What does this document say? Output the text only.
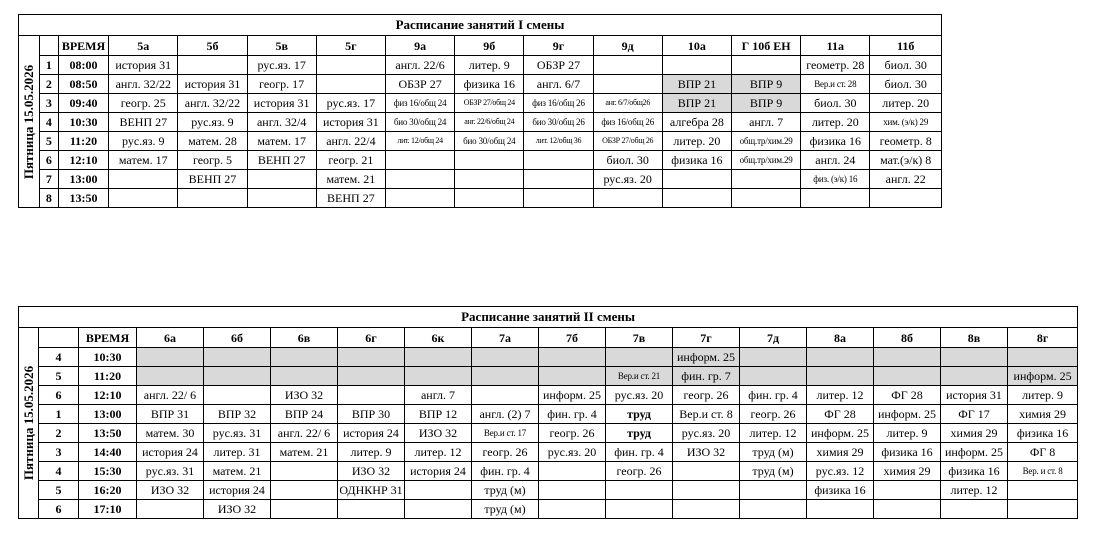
Расписание занятий I смены														

Пятница 15.05.2026		ВРЕМЯ	5а	5б	5в	5г	9а	9б	9г	9д	10а	Г 10б ЕН	11а	11б
	1	08:00	история 31		рус.яз. 17		англ. 22/6	литер. 9	ОБЗР 27				геометр. 28	биол. 30
	2	08:50	англ. 32/22	история 31	геогр. 17		ОБЗР 27	физика 16	англ. 6/7		ВПР 21	ВПР 9	Вер.и ст. 28	биол. 30
	3	09:40	геогр. 25	англ. 32/22	история 31	рус.яз. 17	физ 16/общ 24	ОБЗР 27/общ 24	физ 16/общ 26	анг. 6/7/общ26	ВПР 21	ВПР 9	биол. 30	литер. 20
	4	10:30	ВЕНП 27	рус.яз. 9	англ. 32/4	история 31	био 30/общ 24	анг. 22/6/общ 24	био 30/общ 26	физ 16/общ 26	алгебра 28	англ. 7	литер. 20	хим. (э/к) 29
	5	11:20	рус.яз. 9	матем. 28	матем. 17	англ. 22/4	лит. 12/общ 24	био 30/общ 24	лит. 12/общ 36	ОБЗР 27/общ 26	литер. 20	общ.тр/хим.29	физика 16	геометр. 8
	6	12:10	матем. 17	геогр. 5	ВЕНП 27	геогр. 21				биол. 30	физика 16	общ.тр/хим.29	англ. 24	мат.(э/к) 8
	7	13:00		ВЕНП 27		матем. 21				рус.яз. 20			физ. (э/к) 16	англ. 22
	8	13:50				ВЕНП 27								
Расписание занятий II смены																

Пятница 15.05.2026		ВРЕМЯ	6а	6б	6в	6г	6к	7а	7б	7в	7г	7д	8а	8б	8в	8г
	4	10:30									информ. 25					
	5	11:20								Вер.и ст. 21	фин. гр. 7					информ. 25
	6	12:10	англ. 22/ 6		ИЗО 32		англ. 7		информ. 25	рус.яз. 20	геогр. 26	фин. гр. 4	литер. 12	ФГ 28	история 31	литер. 9
	1	13:00	ВПР 31	ВПР 32	ВПР 24	ВПР 30	ВПР 12	англ. (2) 7	фин. гр. 4	труд	Вер.и ст. 8	геогр. 26	ФГ 28	информ. 25	ФГ 17	химия 29
	2	13:50	матем. 30	рус.яз. 31	англ. 22/ 6	история 24	ИЗО 32	Вер.и ст. 17	геогр. 26	труд	рус.яз. 20	литер. 12	информ. 25	литер. 9	химия 29	физика 16
	3	14:40	история 24	литер. 31	матем. 21	литер. 9	литер. 12	геогр. 26	рус.яз. 20	фин. гр. 4	ИЗО 32	труд (м)	химия 29	физика 16	информ. 25	ФГ 8
	4	15:30	рус.яз. 31	матем. 21		ИЗО 32	история 24	фин. гр. 4		геогр. 26		труд (м)	рус.яз. 12	химия 29	физика 16	Вер. и ст. 8
	5	16:20	ИЗО 32	история 24		ОДНКНР 31		труд (м)					физика 16		литер. 12	
	6	17:10		ИЗО 32				труд (м)								
